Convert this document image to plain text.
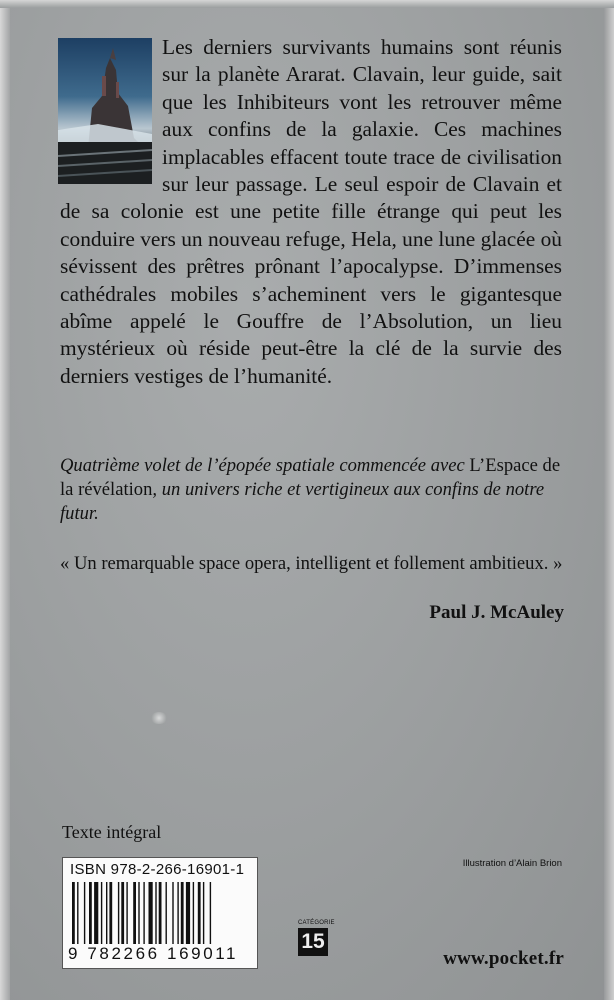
Les derniers survivants humains sont réunis sur la planète Ararat. Clavain, leur guide, sait que les Inhibiteurs vont les retrouver même aux confins de la galaxie. Ces machines implacables effacent toute trace de civilisation sur leur passage. Le seul espoir de Clavain et de sa colonie est une petite fille étrange qui peut les conduire vers un nouveau refuge, Hela, une lune glacée où sévissent des prêtres prônant l’apocalypse. D’immenses cathédrales mobiles s’acheminent vers le gigantesque abîme appelé le Gouffre de l’Absolution, un lieu mystérieux où réside peut-être la clé de la survie des derniers vestiges de l’humanité.

Quatrième volet de l’épopée spatiale commencée avec L’Espace de la révélation, un univers riche et vertigineux aux confins de notre futur.

« Un remarquable space opera, intelligent et follement ambitieux. »

Paul J. McAuley
Texte intégral
ISBN 978-2-266-16901-1
9 782266 169011
CATÉGORIE
15
Illustration d’Alain Brion
www.pocket.fr
